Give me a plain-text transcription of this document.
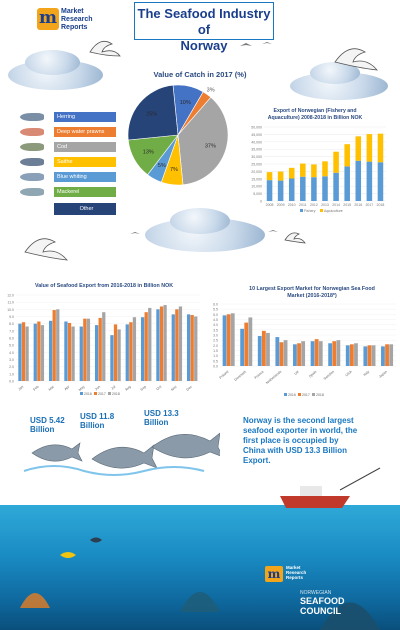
m Market
Research
Reports
The Seafood Industry of
Norway
Value of Catch in 2017 (%)
10%
3%
37%
7%
5%
13%
25%
Export of Norwegian (Fishery and
Aquaculture) 2008-2018 in Billion NOK
0
5,000
10,000
15,000
20,000
25,000
30,000
35,000
40,000
45,000
50,000
2008 2009 2010 2011 2012 2013 2014 2015 2016 2017 2018
Fishery Aquaculture
Value of Seafood Export from 2016-2018 in Billion NOK
0.0
1.0
2.0
3.0
4.0
5.0
6.0
7.0
8.0
9.0
10.0
11.0
12.0
Jan Feb Mar Apr May Jun	Jul Aug Sep Oct Nov Dec
2016 2017 2018
10 Largest Export Market for Norwegian Sea Food
Market (2016-2018*)
0.0
0.5
1.0
1.5
2.0
2.5
3.0
3.5
4.0
4.5
5.0
5.5
6.0
Poland Denmark France Netherlands	UK Spain Sweden	USA	Italy Japan
2016 2017 2018
USD 5.42
Billion
USD 11.8
Billion
USD 13.3
Billion	Norway is the second largest seafood exporter in world, the first place is occupied by China with USD 13.3 Billion Export.
India	Norway	China
m	Market
Research
Reports
NORWEGIAN
SEAFOOD
COUNCIL
Herring
Deep water prawns
Cod
Saithe
Blue whiting
Mackerel
Other
